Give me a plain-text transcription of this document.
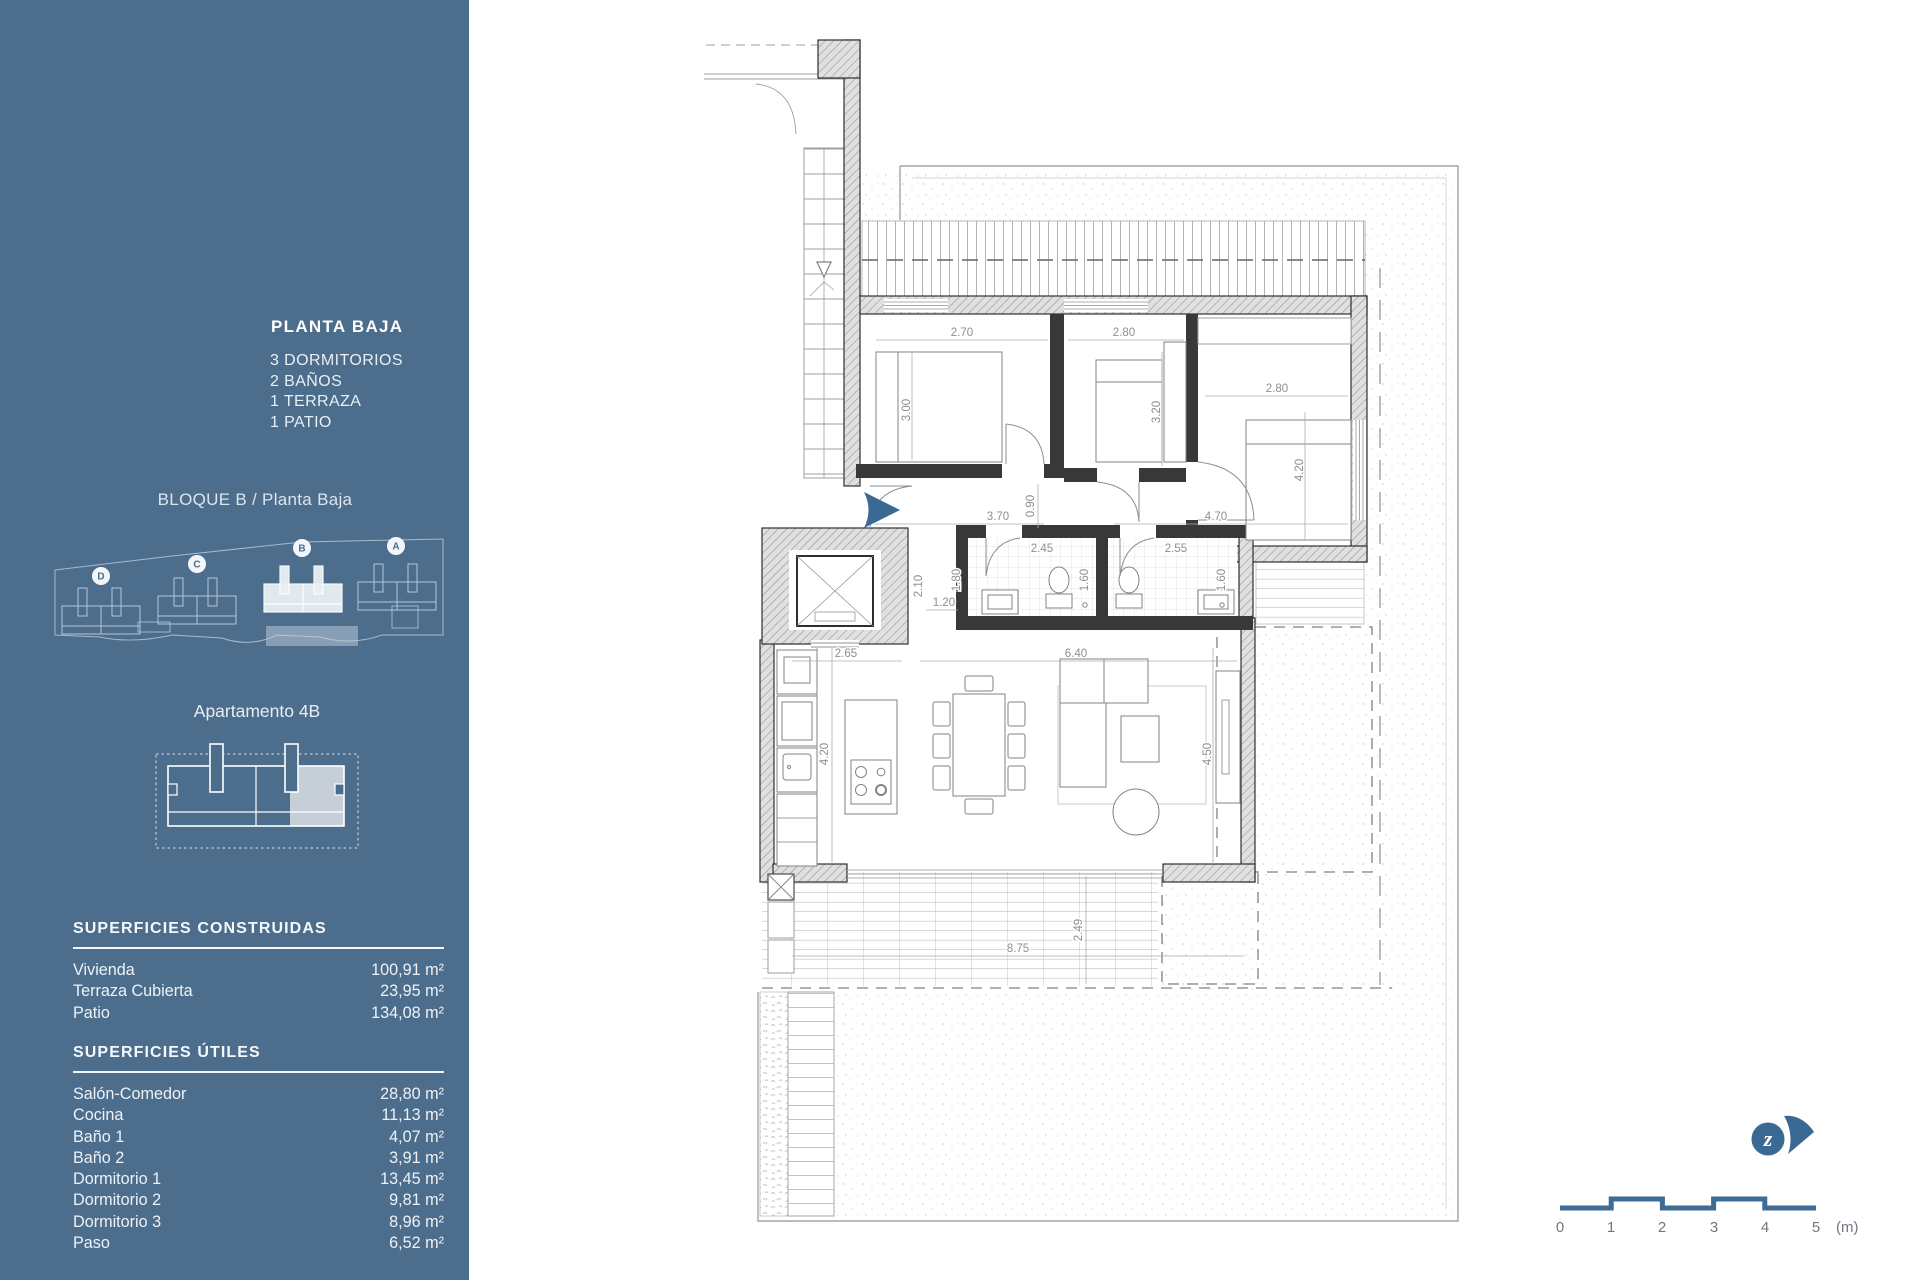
PLANTA BAJA
3 DORMITORIOS
2 BAÑOS
1 TERRAZA
1 PATIO
BLOQUE B / Planta Baja
D
C
B	A
Apartamento 4B
SUPERFICIES CONSTRUIDAS
Vivienda	100,91 m²
Terraza Cubierta	23,95 m²
Patio	134,08 m²
SUPERFICIES ÚTILES
Salón-Comedor	28,80 m²
Cocina	11,13 m²
Baño 1	4,07 m²
Baño 2	3,91 m²
Dormitorio 1	13,45 m²
Dormitorio 2	9,81 m²
Dormitorio 3	8,96 m²
Paso	6,52 m²
2.70
3.00
2.80
3.20
2.80
4.20
3.70 0.90	4.70
2.45
1.80	1.60
2.55
1.60
2.10
1.20
2.65	6.40
4.20	4.50
8.75
2.49
z
0	1	2	3	4	5 (m)
